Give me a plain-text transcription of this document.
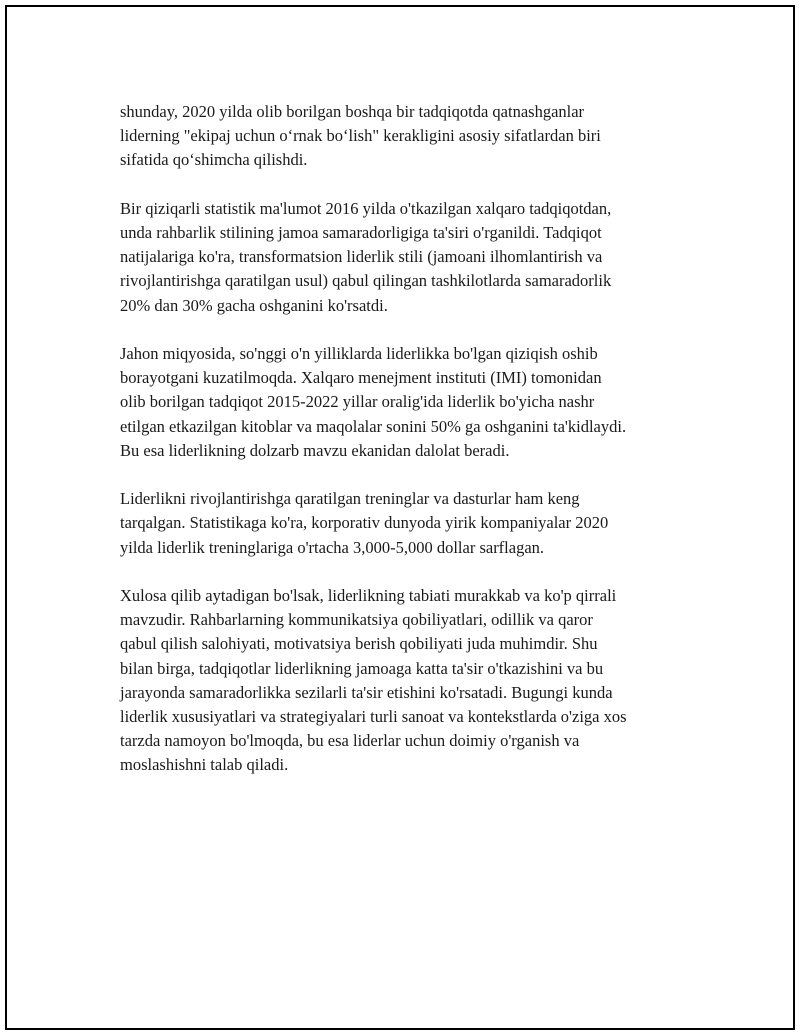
shunday, 2020 yilda olib borilgan boshqa bir tadqiqotda qatnashganlar
liderning "ekipaj uchun o‘rnak bo‘lish" kerakligini asosiy sifatlardan biri
sifatida qo‘shimcha qilishdi.

Bir qiziqarli statistik ma'lumot 2016 yilda o'tkazilgan xalqaro tadqiqotdan,
unda rahbarlik stilining jamoa samaradorligiga ta'siri o'rganildi. Tadqiqot
natijalariga ko'ra, transformatsion liderlik stili (jamoani ilhomlantirish va
rivojlantirishga qaratilgan usul) qabul qilingan tashkilotlarda samaradorlik
20% dan 30% gacha oshganini ko'rsatdi.

Jahon miqyosida, so'nggi o'n yilliklarda liderlikka bo'lgan qiziqish oshib
borayotgani kuzatilmoqda. Xalqaro menejment instituti (IMI) tomonidan
olib borilgan tadqiqot 2015-2022 yillar oralig'ida liderlik bo'yicha nashr
etilgan etkazilgan kitoblar va maqolalar sonini 50% ga oshganini ta'kidlaydi.
Bu esa liderlikning dolzarb mavzu ekanidan dalolat beradi.

Liderlikni rivojlantirishga qaratilgan treninglar va dasturlar ham keng
tarqalgan. Statistikaga ko'ra, korporativ dunyoda yirik kompaniyalar 2020
yilda liderlik treninglariga o'rtacha 3,000-5,000 dollar sarflagan.

Xulosa qilib aytadigan bo'lsak, liderlikning tabiati murakkab va ko'p qirrali
mavzudir. Rahbarlarning kommunikatsiya qobiliyatlari, odillik va qaror
qabul qilish salohiyati, motivatsiya berish qobiliyati juda muhimdir. Shu
bilan birga, tadqiqotlar liderlikning jamoaga katta ta'sir o'tkazishini va bu
jarayonda samaradorlikka sezilarli ta'sir etishini ko'rsatadi. Bugungi kunda
liderlik xususiyatlari va strategiyalari turli sanoat va kontekstlarda o'ziga xos
tarzda namoyon bo'lmoqda, bu esa liderlar uchun doimiy o'rganish va
moslashishni talab qiladi.
